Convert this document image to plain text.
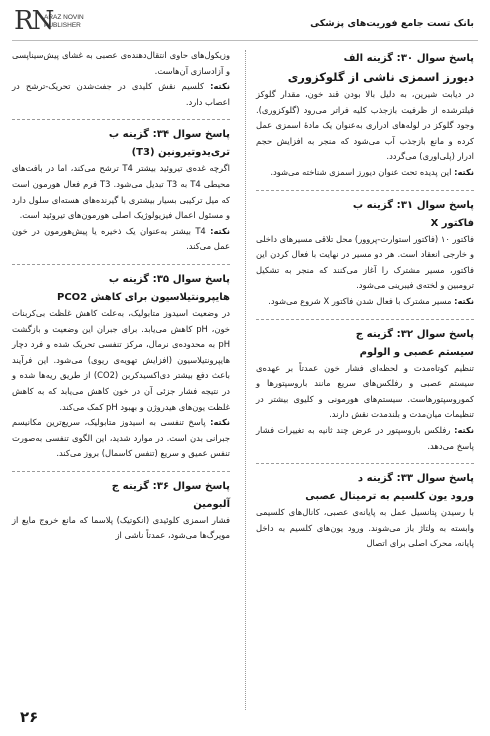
بانک تست جامع فوریت‌های پزشکی
RN
ARAZ NOVIN
PUBLISHER
پاسخ سوال ۳۰: گزینه الف
دیورز اسمزی ناشی از گلوکزوری

در دیابت شیرین، به دلیل بالا بودن قند خون، مقدار گلوکز فیلترشده از ظرفیت بازجذب کلیه فراتر می‌رود (گلوکزوری). وجود گلوکز در لوله‌های ادراری به‌عنوان یک مادهٔ اسمزی عمل کرده و مانع بازجذب آب می‌شود که منجر به افزایش حجم ادرار (پلی‌اوری) می‌گردد.

نکته: این پدیده تحت عنوان دیورز اسمزی شناخته می‌شود.

پاسخ سوال ۳۱: گزینه ب
فاکتور X

فاکتور ۱۰ (فاکتور استوارت-پروور) محل تلاقی مسیرهای داخلی و خارجی انعقاد است. هر دو مسیر در نهایت با فعال کردن این فاکتور، مسیر مشترک را آغاز می‌کنند که منجر به تشکیل ترومبین و لخته‌ی فیبرینی می‌شود.

نکته: مسیر مشترک با فعال شدن فاکتور X شروع می‌شود.

پاسخ سوال ۳۲: گزینه ج
سیستم عصبی و الولوم

تنظیم کوتاه‌مدت و لحظه‌ای فشار خون عمدتاً بر عهده‌ی سیستم عصبی و رفلکس‌های سریع مانند باروسپتورها و کموروسپتورهاست. سیستم‌های هورمونی و کلیوی بیشتر در تنظیمات میان‌مدت و بلندمدت نقش دارند.

نکته: رفلکس باروسپتور در عرض چند ثانیه به تغییرات فشار پاسخ می‌دهد.

پاسخ سوال ۳۳: گزینه د
ورود یون کلسیم به ترمینال عصبی

با رسیدن پتانسیل عمل به پایانه‌ی عصبی، کانال‌های کلسیمی وابسته به ولتاژ باز می‌شوند. ورود یون‌های کلسیم به داخل پایانه، محرک اصلی برای اتصال

وزیکول‌های حاوی انتقال‌دهنده‌ی عصبی به غشای پیش‌سیناپسی و آزادسازی آن‌هاست.

نکته: کلسیم نقش کلیدی در جفت‌شدن تحریک-ترشح در اعصاب دارد.

پاسخ سوال ۳۴: گزینه ب
تری‌یدوتیرونین (T3)

اگرچه غده‌ی تیروئید بیشتر T4 ترشح می‌کند، اما در بافت‌های محیطی T4 به T3 تبدیل می‌شود. T3 فرم فعال هورمون است که میل ترکیبی بسیار بیشتری با گیرنده‌های هسته‌ای سلول دارد و مسئول اعمال فیزیولوژیک اصلی هورمون‌های تیروئید است.

نکته: T4 بیشتر به‌عنوان یک ذخیره یا پیش‌هورمون در خون عمل می‌کند.

پاسخ سوال ۳۵: گزینه ب
هایپرونتیلاسیون برای کاهش PCO2

در وضعیت اسیدوز متابولیک، به‌علت کاهش غلظت بی‌کربنات خون، pH کاهش می‌یابد. برای جبران این وضعیت و بازگشت pH به محدوده‌ی نرمال، مرکز تنفسی تحریک شده و فرد دچار هایپرونتیلاسیون (افزایش تهویه‌ی ریوی) می‌شود. این فرآیند باعث دفع بیشتر دی‌اکسیدکربن (CO2) از طریق ریه‌ها شده و در نتیجه فشار جزئی آن در خون کاهش می‌یابد که به کاهش غلظت یون‌های هیدروژن و بهبود pH کمک می‌کند.

نکته: پاسخ تنفسی به اسیدوز متابولیک، سریع‌ترین مکانیسم جبرانی بدن است. در موارد شدید، این الگوی تنفسی به‌صورت تنفس عمیق و سریع (تنفس کاسمال) بروز می‌کند.

پاسخ سوال ۳۶: گزینه ج
آلبومین

فشار اسمزی کلوئیدی (انکوتیک) پلاسما که مانع خروج مایع از مویرگ‌ها می‌شود، عمدتاً ناشی از

۲۶
